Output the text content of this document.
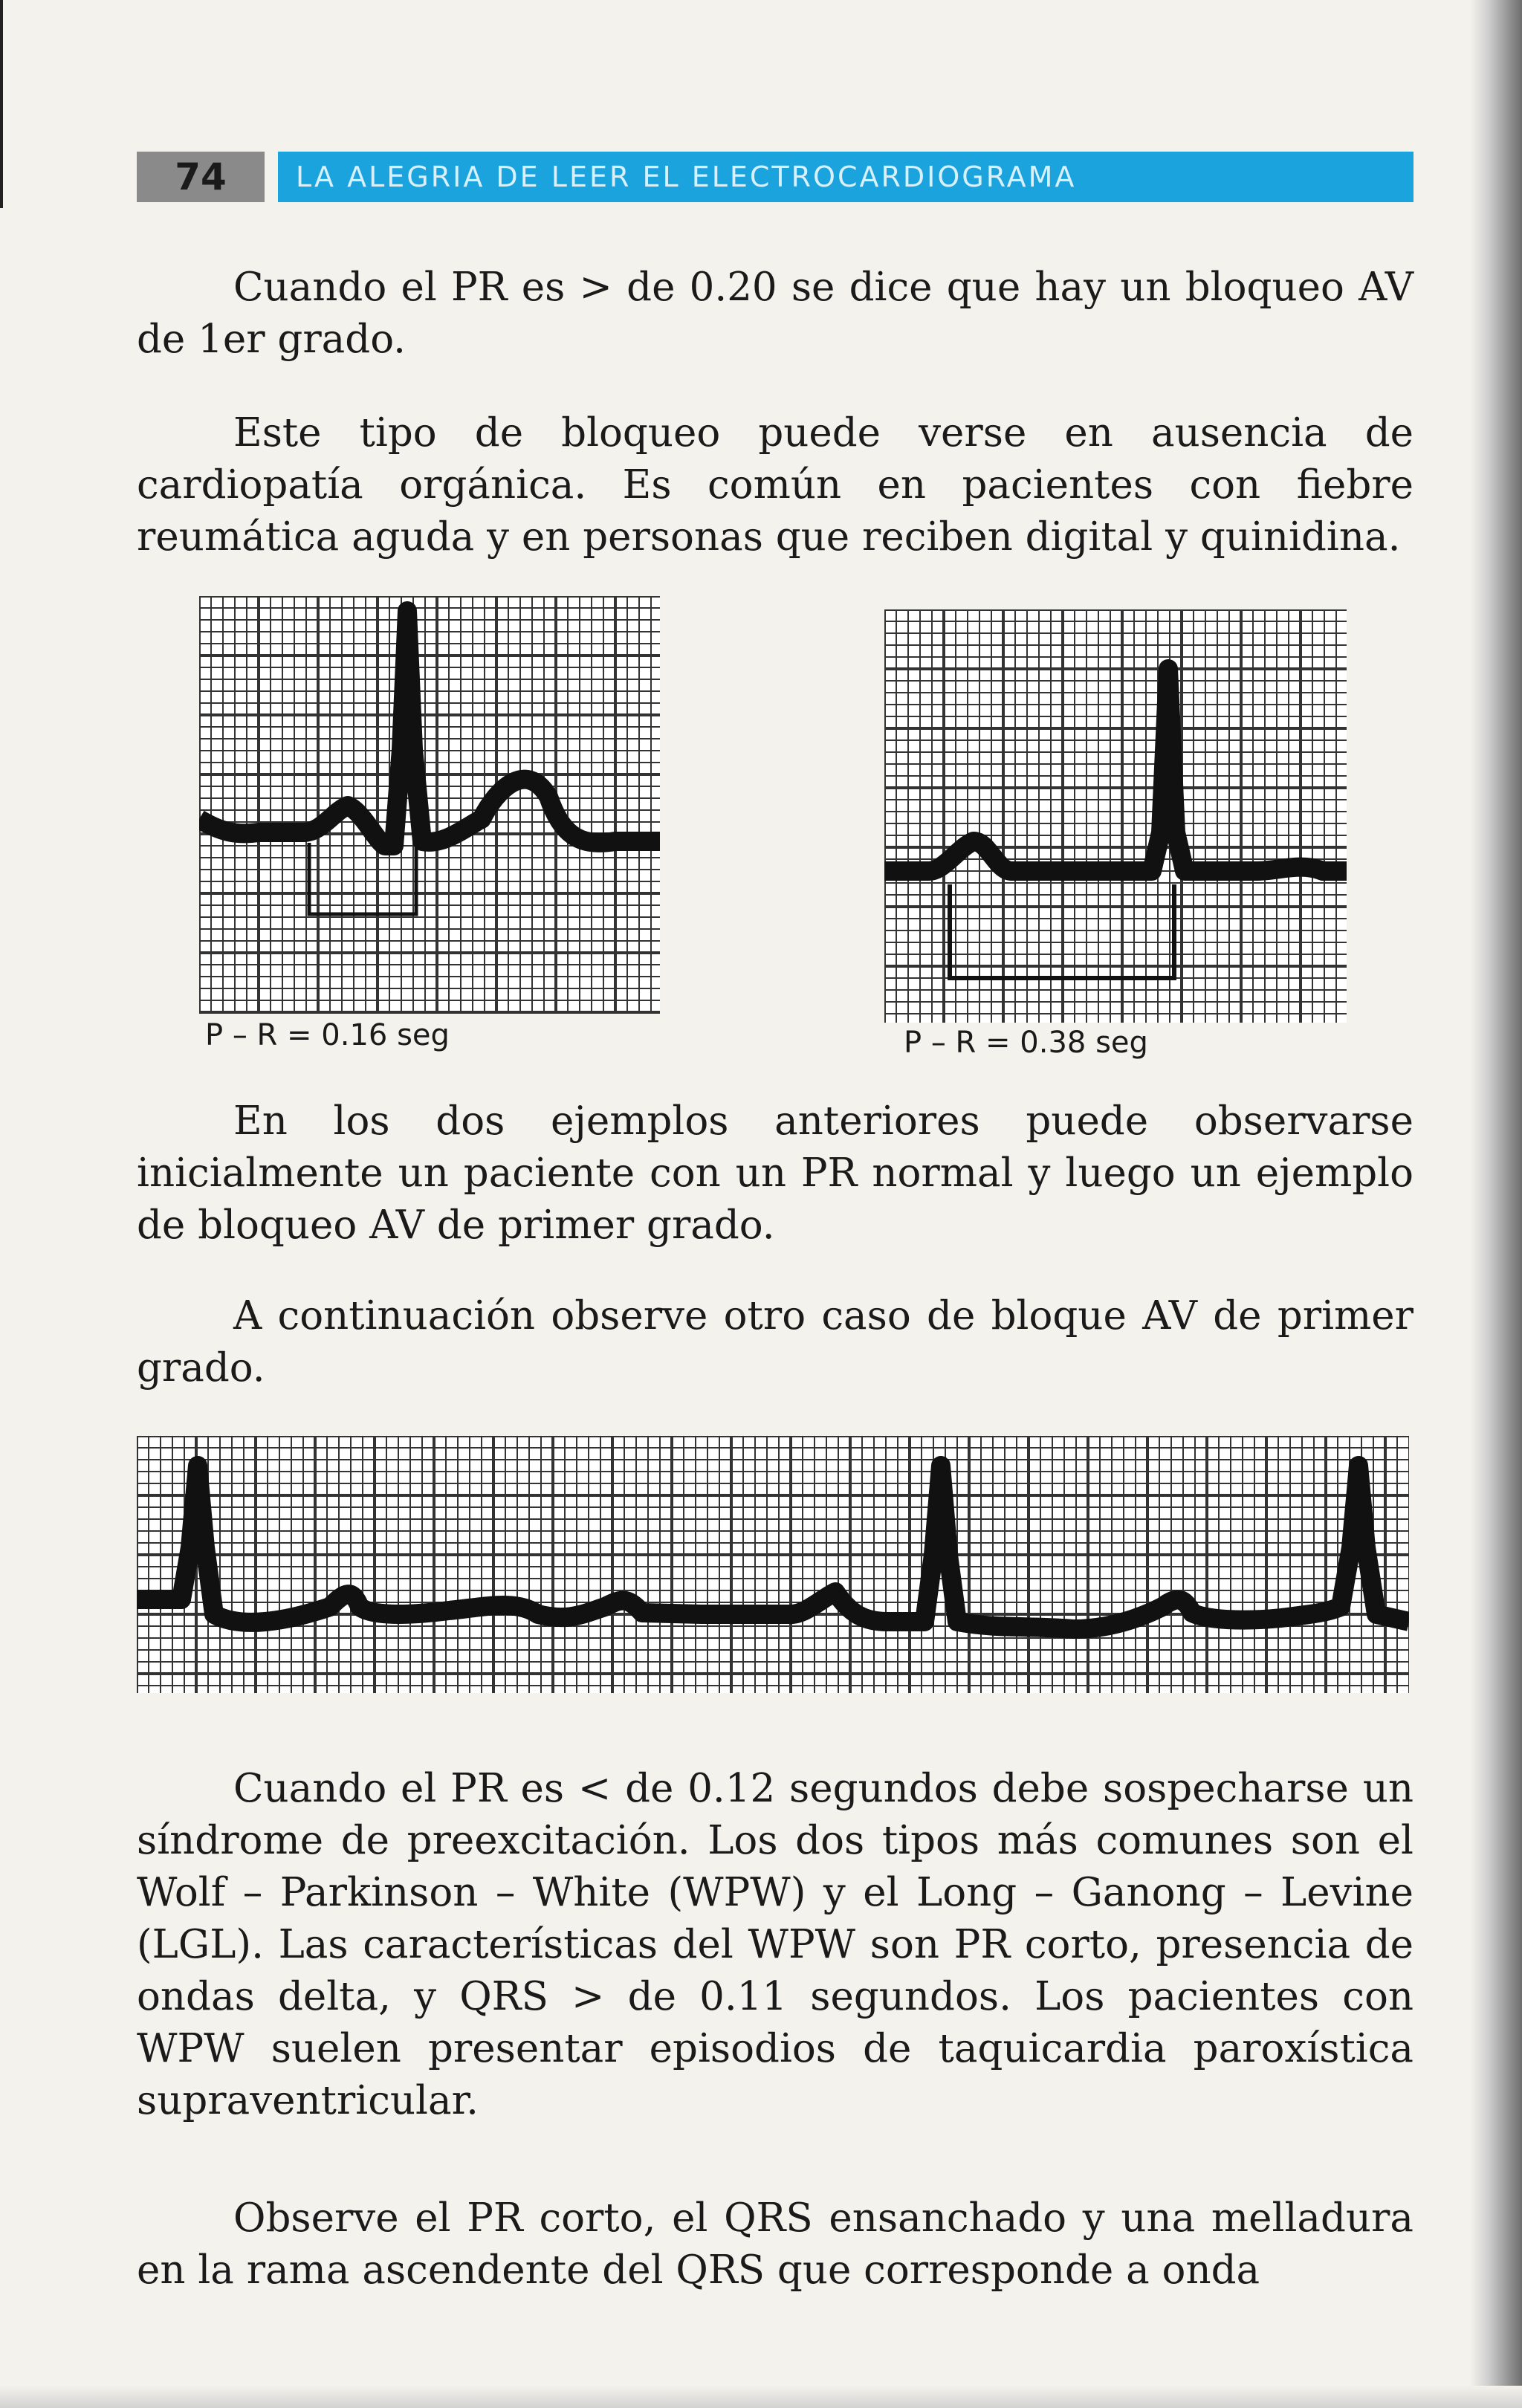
74	LA ALEGRIA DE LEER EL ELECTROCARDIOGRAMA

Cuando el PR es > de 0.20 se dice que hay un bloqueo AV de 1er grado.

Este tipo de bloqueo puede verse en ausencia de cardiopatía orgánica. Es común en pacientes con fiebre reumática aguda y en personas que reciben digital y quinidina.

P – R = 0.16 seg	P – R = 0.38 seg

En los dos ejemplos anteriores puede observarse inicialmente un paciente con un PR normal y luego un ejemplo de bloqueo AV de primer grado.

A continuación observe otro caso de bloque AV de primer grado.

Cuando el PR es < de 0.12 segundos debe sospecharse un síndrome de preexcitación. Los dos tipos más comunes son el Wolf – Parkinson – White (WPW) y el Long – Ganong – Levine (LGL). Las características del WPW son PR corto, presencia de ondas delta, y QRS > de 0.11 segundos. Los pacientes con WPW suelen presentar episodios de taquicardia paroxística supraventricular.

Observe el PR corto, el QRS ensanchado y una melladura en la rama ascendente del QRS que corresponde a onda
